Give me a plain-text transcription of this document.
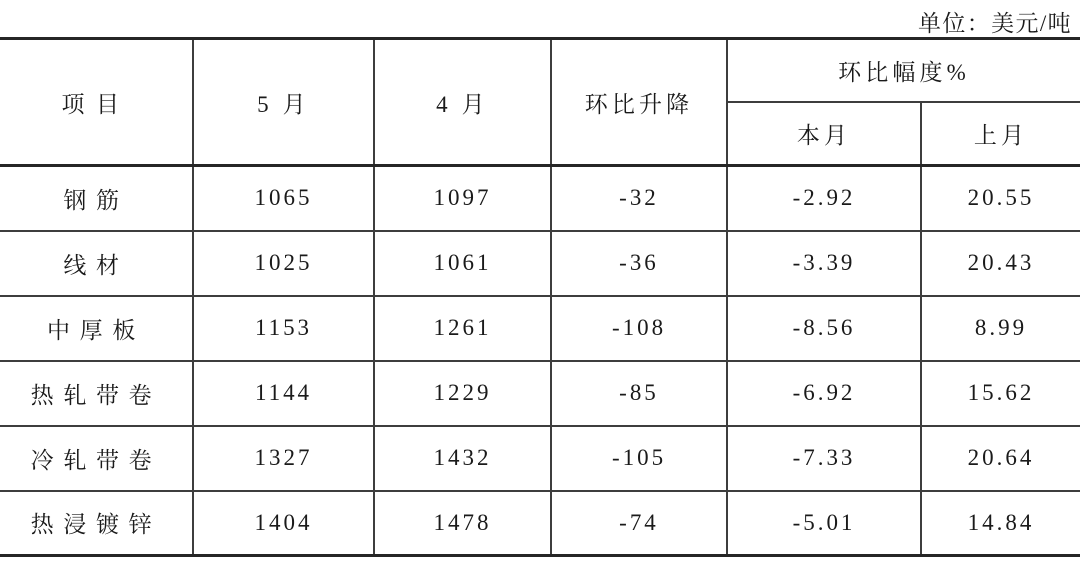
单位：美元/吨
项目	5 月	4 月	环比升降	环比幅度%	
				本月	上月
钢筋	1065	1097	-32	-2.92	20.55
线材	1025	1061	-36	-3.39	20.43
中厚板	1153	1261	-108	-8.56	8.99
热轧带卷	1144	1229	-85	-6.92	15.62
冷轧带卷	1327	1432	-105	-7.33	20.64
热浸镀锌	1404	1478	-74	-5.01	14.84
